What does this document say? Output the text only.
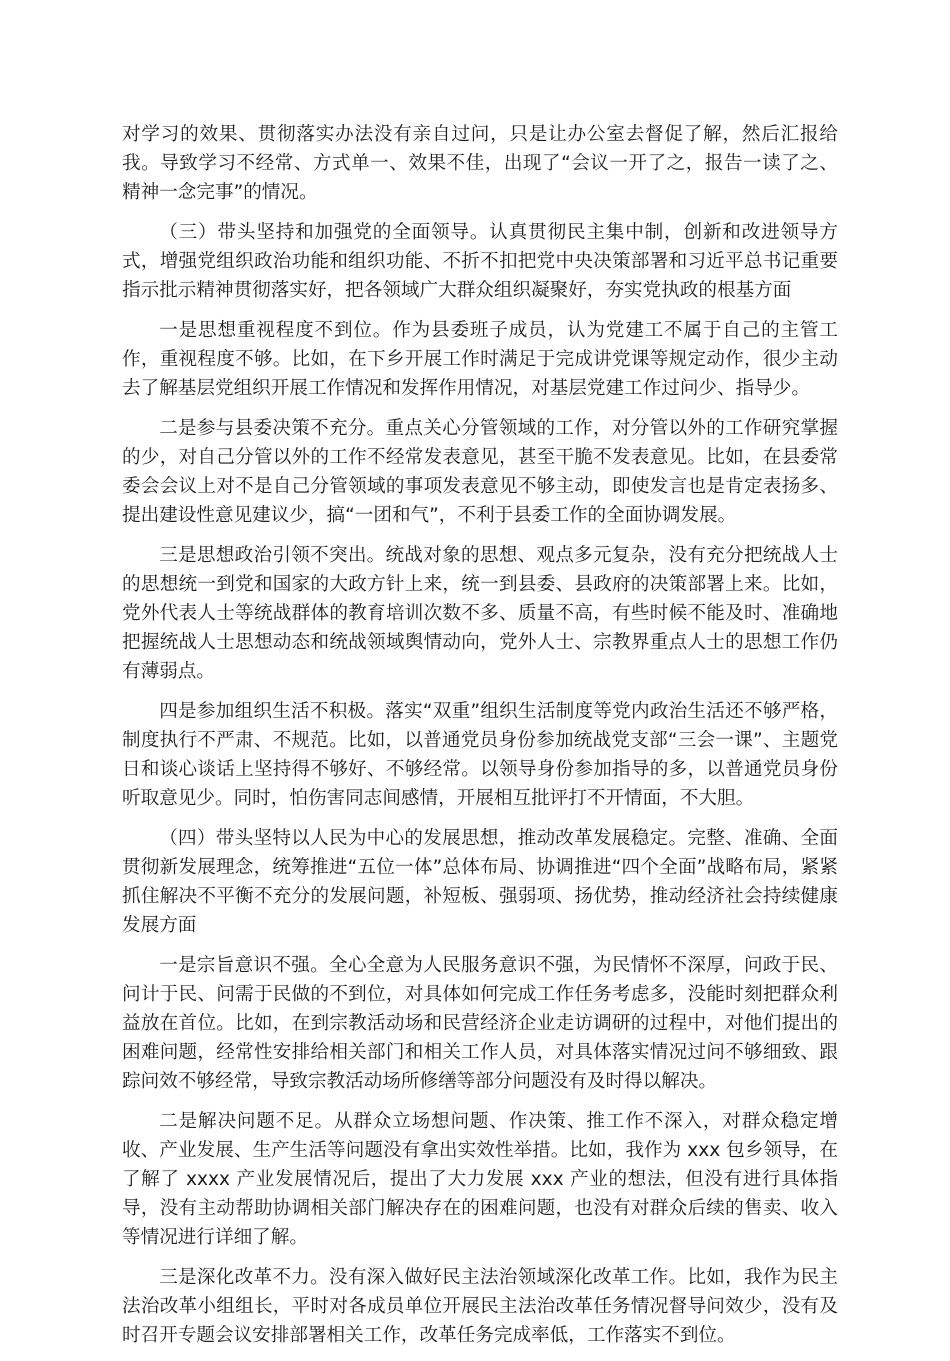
对学习的效果、贯彻落实办法没有亲自过问，只是让办公室去督促了解，然后汇报给我。导致学习不经常、方式单一、效果不佳，出现了“会议一开了之，报告一读了之、精神一念完事”的情况。

（三）带头坚持和加强党的全面领导。认真贯彻民主集中制，创新和改进领导方式，增强党组织政治功能和组织功能、不折不扣把党中央决策部署和习近平总书记重要指示批示精神贯彻落实好，把各领域广大群众组织凝聚好，夯实党执政的根基方面

一是思想重视程度不到位。作为县委班子成员，认为党建工不属于自己的主管工作，重视程度不够。比如，在下乡开展工作时满足于完成讲党课等规定动作，很少主动去了解基层党组织开展工作情况和发挥作用情况，对基层党建工作过问少、指导少。

二是参与县委决策不充分。重点关心分管领域的工作，对分管以外的工作研究掌握的少，对自己分管以外的工作不经常发表意见，甚至干脆不发表意见。比如，在县委常委会会议上对不是自己分管领域的事项发表意见不够主动，即使发言也是肯定表扬多、提出建设性意见建议少，搞“一团和气”，不利于县委工作的全面协调发展。

三是思想政治引领不突出。统战对象的思想、观点多元复杂，没有充分把统战人士的思想统一到党和国家的大政方针上来，统一到县委、县政府的决策部署上来。比如，党外代表人士等统战群体的教育培训次数不多、质量不高，有些时候不能及时、准确地把握统战人士思想动态和统战领域舆情动向，党外人士、宗教界重点人士的思想工作仍有薄弱点。

四是参加组织生活不积极。落实“双重”组织生活制度等党内政治生活还不够严格，制度执行不严肃、不规范。比如，以普通党员身份参加统战党支部“三会一课”、主题党日和谈心谈话上坚持得不够好、不够经常。以领导身份参加指导的多，以普通党员身份听取意见少。同时，怕伤害同志间感情，开展相互批评打不开情面，不大胆。

（四）带头坚特以人民为中心的发展思想，推动改革发展稳定。完整、准确、全面贯彻新发展理念，统筹推进“五位一体”总体布局、协调推进“四个全面”战略布局，紧紧抓住解决不平衡不充分的发展问题，补短板、强弱项、扬优势，推动经济社会持续健康发展方面

一是宗旨意识不强。全心全意为人民服务意识不强，为民情怀不深厚，问政于民、问计于民、问需于民做的不到位，对具体如何完成工作任务考虑多，没能时刻把群众利益放在首位。比如，在到宗教活动场和民营经济企业走访调研的过程中，对他们提出的困难问题，经常性安排给相关部门和相关工作人员，对具体落实情况过问不够细致、跟踪问效不够经常，导致宗教活动场所修缮等部分问题没有及时得以解决。

二是解决问题不足。从群众立场想问题、作决策、推工作不深入，对群众稳定增收、产业发展、生产生活等问题没有拿出实效性举措。比如，我作为 xxx 包乡领导，在了解了 xxxx 产业发展情况后，提出了大力发展 xxx 产业的想法，但没有进行具体指导，没有主动帮助协调相关部门解决存在的困难问题，也没有对群众后续的售卖、收入等情况进行详细了解。

三是深化改革不力。没有深入做好民主法治领域深化改革工作。比如，我作为民主法治改革小组组长，平时对各成员单位开展民主法治改革任务情况督导问效少，没有及时召开专题会议安排部署相关工作，改革任务完成率低，工作落实不到位。
